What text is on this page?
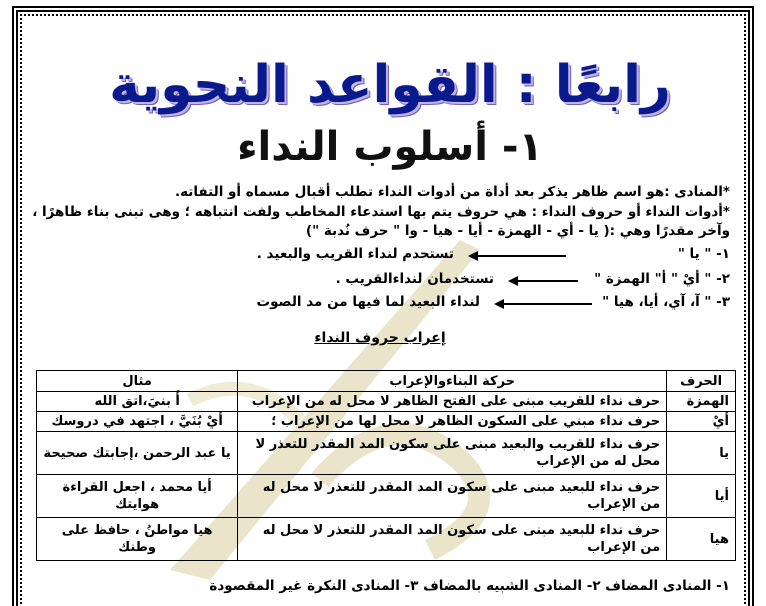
رابعًا : القواعد النحوية
١- أسلوب النداء
*المنادى :هو اسم ظاهر يذكر بعد أداة من أدوات النداء تطلب أقبال مسماه أو التفاته.
*أدوات النداء أو حروف النداء : هي حروف يتم بها استدعاء المخاطب ولفت انتباهه ؛ وهى تبنى بناء ظاهرًا ،
وآخر مقدرًا وهي :( يا - أي - الهمزة - أيا - هيا - وا " حرف نُدبة ")
١- " يا "
تستحدم لنداء القريب والبعيد .
٢- " أيْ " أ" الهمزة "
تستخدمان لنداءالقريب .
٣- " آ، آي، أيا، هيا "
لنداء البعيد لما فيها من مد الصوت
إعراب حروف النداء
الحرف	حركة البناءوالإعراب	مثال
الهمزة	حرف نداء للقريب مبنى على الفتح الظاهر لا محل له من الإعراب	أَ بنيَ،اتق الله
أيْ	حرف نداء مبني على السكون الظاهر لا محل لها من الإعراب ؛	أيْ بُنَيَّ ، اجتهد في دروسك
يا	حرف نداء للقريب والبعيد مبنى على سكون المد المقدر للتعذر لا محل له من الإعراب	يا عبد الرحمن ،إجابتك صحيحة
أيا	حرف نداء للبعيد مبنى على سكون المد المقدر للتعذر لا محل له من الإعراب	أيا محمد ، اجعل القراءة هوايتك
هيا	حرف نداء للبعيد مبنى على سكون المد المقدر للتعذر لا محل له من الإعراب	هيا مواطنُ ، حافظ على وطنك
١- المنادى المضاف ٢- المنادى الشبيه بالمضاف ٣- المنادى النكرة غير المقصودة
